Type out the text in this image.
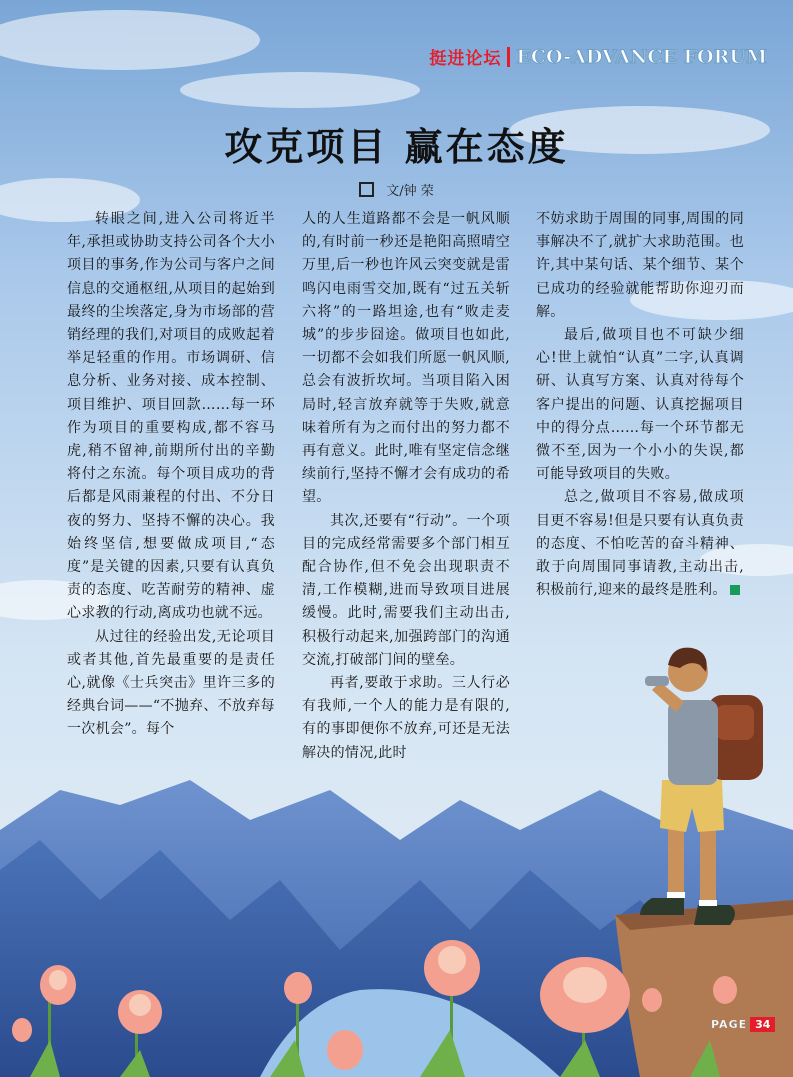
挺进论坛 ECO-ADVANCE FORUM
攻克项目 赢在态度
文/钟 荣

转眼之间,进入公司将近半年,承担或协助支持公司各个大小项目的事务,作为公司与客户之间信息的交通枢纽,从项目的起始到最终的尘埃落定,身为市场部的营销经理的我们,对项目的成败起着举足轻重的作用。市场调研、信息分析、业务对接、成本控制、项目维护、项目回款……每一环作为项目的重要构成,都不容马虎,稍不留神,前期所付出的辛勤将付之东流。每个项目成功的背后都是风雨兼程的付出、不分日夜的努力、坚持不懈的决心。我始终坚信,想要做成项目,“态度”是关键的因素,只要有认真负责的态度、吃苦耐劳的精神、虚心求教的行动,离成功也就不远。

从过往的经验出发,无论项目或者其他,首先最重要的是责任心,就像《士兵突击》里许三多的经典台词——“不抛弃、不放弃每一次机会”。每个

人的人生道路都不会是一帆风顺的,有时前一秒还是艳阳高照晴空万里,后一秒也许风云突变就是雷鸣闪电雨雪交加,既有“过五关斩六将”的一路坦途,也有“败走麦城”的步步囧途。做项目也如此,一切都不会如我们所愿一帆风顺,总会有波折坎坷。当项目陷入困局时,轻言放弃就等于失败,就意味着所有为之而付出的努力都不再有意义。此时,唯有坚定信念继续前行,坚持不懈才会有成功的希望。

其次,还要有“行动”。一个项目的完成经常需要多个部门相互配合协作,但不免会出现职责不清,工作模糊,进而导致项目进展缓慢。此时,需要我们主动出击,积极行动起来,加强跨部门的沟通交流,打破部门间的壁垒。

再者,要敢于求助。三人行必有我师,一个人的能力是有限的,有的事即便你不放弃,可还是无法解决的情况,此时

不妨求助于周围的同事,周围的同事解决不了,就扩大求助范围。也许,其中某句话、某个细节、某个已成功的经验就能帮助你迎刃而解。

最后,做项目也不可缺少细心!世上就怕“认真”二字,认真调研、认真写方案、认真对待每个客户提出的问题、认真挖掘项目中的得分点……每一个环节都无微不至,因为一个小小的失误,都可能导致项目的失败。

总之,做项目不容易,做成项目更不容易!但是只要有认真负责的态度、不怕吃苦的奋斗精神、敢于向周围同事请教,主动出击,积极前行,迎来的最终是胜利。

PAGE 34
